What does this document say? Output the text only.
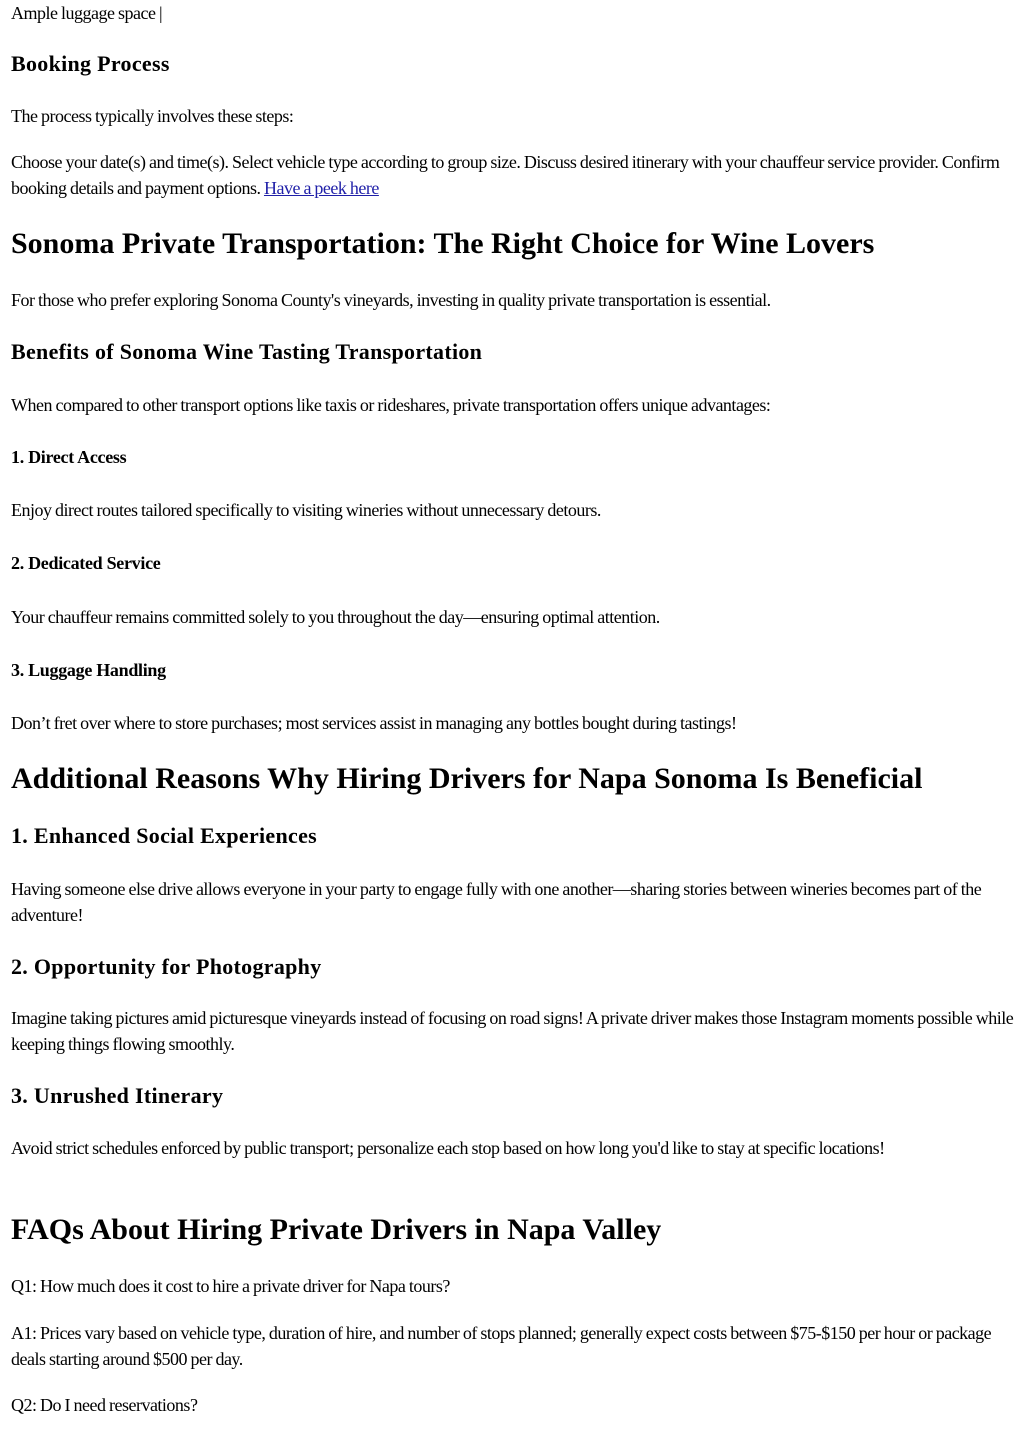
Ample luggage space |

Booking Process

The process typically involves these steps:

Choose your date(s) and time(s). Select vehicle type according to group size. Discuss desired itinerary with your chauffeur service provider. Confirm booking details and payment options. Have a peek here

Sonoma Private Transportation: The Right Choice for Wine Lovers

For those who prefer exploring Sonoma County's vineyards, investing in quality private transportation is essential.

Benefits of Sonoma Wine Tasting Transportation

When compared to other transport options like taxis or rideshares, private transportation offers unique advantages:

1. Direct Access

Enjoy direct routes tailored specifically to visiting wineries without unnecessary detours.

2. Dedicated Service

Your chauffeur remains committed solely to you throughout the day—ensuring optimal attention.

3. Luggage Handling

Don’t fret over where to store purchases; most services assist in managing any bottles bought during tastings!

Additional Reasons Why Hiring Drivers for Napa Sonoma Is Beneficial
1. Enhanced Social Experiences

Having someone else drive allows everyone in your party to engage fully with one another—sharing stories between wineries becomes part of the adventure!

2. Opportunity for Photography

Imagine taking pictures amid picturesque vineyards instead of focusing on road signs! A private driver makes those Instagram moments possible while keeping things flowing smoothly.

3. Unrushed Itinerary

Avoid strict schedules enforced by public transport; personalize each stop based on how long you'd like to stay at specific locations!

FAQs About Hiring Private Drivers in Napa Valley

Q1: How much does it cost to hire a private driver for Napa tours?

A1: Prices vary based on vehicle type, duration of hire, and number of stops planned; generally expect costs between $75-$150 per hour or package deals starting around $500 per day.

Q2: Do I need reservations?
